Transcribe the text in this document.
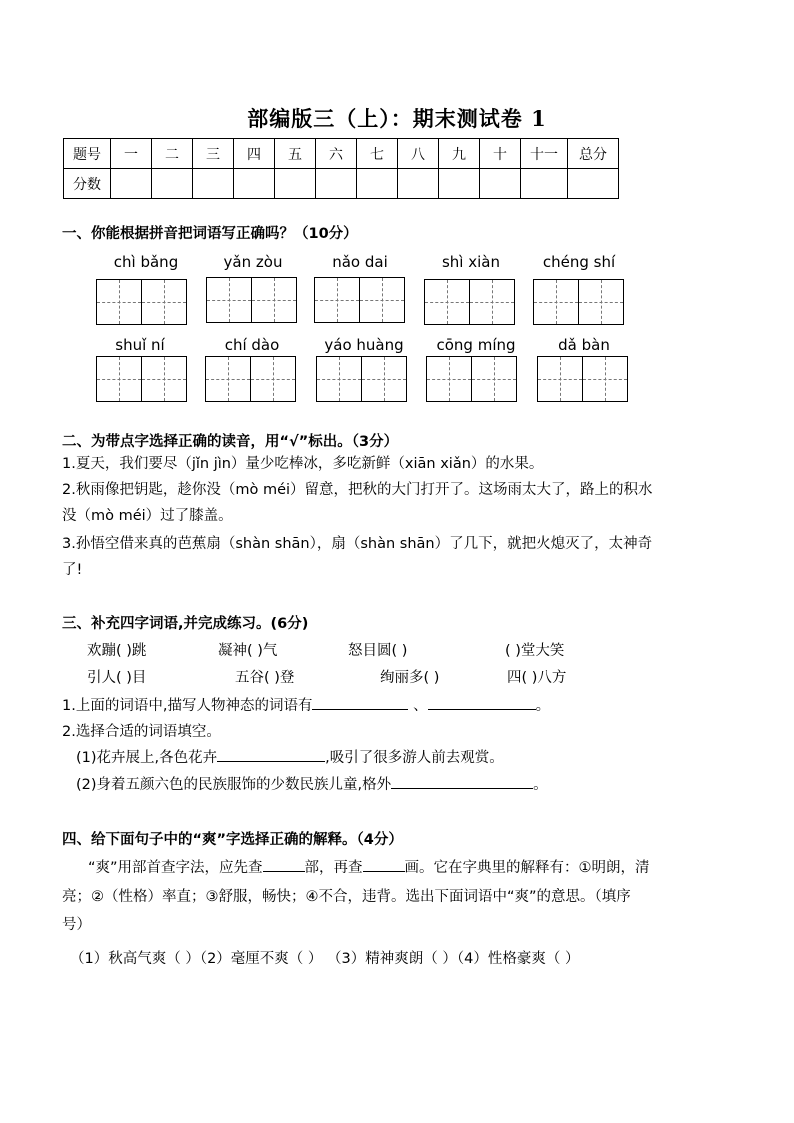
部编版三（上）：期末测试卷 1
题号	一	二	三	四	五	六	七	八	九	十	十一	总分
分数												
一、你能根据拼音把词语写正确吗？（10分）
chì bǎng	yǎn zòu	nǎo dai	shì xiàn	chéng shí
shuǐ ní	chí dào	yáo huàng	cōng míng	dǎ bàn
二、为带点字选择正确的读音，用“√”标出。（3分）
1.夏天，我们要尽（jǐn jìn）量少吃棒冰，多吃新鲜（xiān xiǎn）的水果。
2.秋雨像把钥匙，趁你没（mò méi）留意，把秋的大门打开了。这场雨太大了，路上的积水
没（mò méi）过了膝盖。
3.孙悟空借来真的芭蕉扇（shàn shān），扇（shàn shān）了几下，就把火熄灭了，太神奇
了!
三、补充四字词语,并完成练习。(6分)
欢蹦( )跳	凝神( )气	怒目圆( )	( )堂大笑
引人( )目	五谷( )登	绚丽多( )	四( )八方
1.上面的词语中,描写人物神态的词语有	、	。
2.选择合适的词语填空。
(1)花卉展上,各色花卉	,吸引了很多游人前去观赏。
(2)身着五颜六色的民族服饰的少数民族儿童,格外	。
四、给下面句子中的“爽”字选择正确的解释。（4分）
“爽”用部首查字法，应先查	部，再查	画。它在字典里的解释有：①明朗，清
亮；②（性格）率直；③舒服，畅快；④不合，违背。选出下面词语中“爽”的意思。（填序
号）
（1）秋高气爽（ ）（2）毫厘不爽（ ） （3）精神爽朗（ ）（4）性格豪爽（ ）
